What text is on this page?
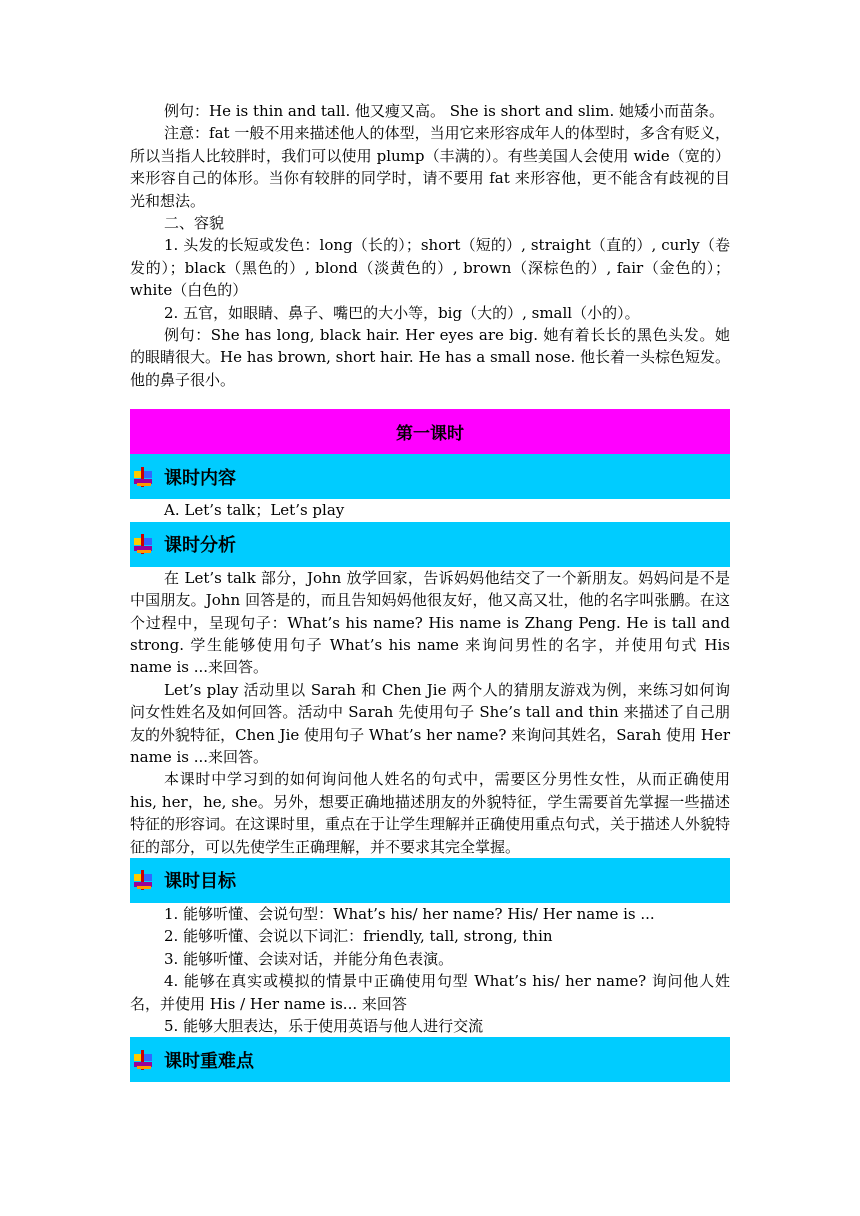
例句：He is thin and tall. 他又瘦又高。 She is short and slim. 她矮小而苗条。

注意：fat 一般不用来描述他人的体型，当用它来形容成年人的体型时，多含有贬义，所以当指人比较胖时，我们可以使用 plump（丰满的）。有些美国人会使用 wide（宽的）来形容自己的体形。当你有较胖的同学时，请不要用 fat 来形容他，更不能含有歧视的目光和想法。

二、容貌

1. 头发的长短或发色：long（长的）；short（短的）, straight（直的）, curly（卷发的）；black（黑色的）, blond（淡黄色的）, brown（深棕色的）, fair（金色的）；white（白色的）

2. 五官，如眼睛、鼻子、嘴巴的大小等，big（大的）, small（小的）。

例句：She has long, black hair. Her eyes are big. 她有着长长的黑色头发。她的眼睛很大。He has brown, short hair. He has a small nose. 他长着一头棕色短发。他的鼻子很小。

第一课时
课时内容

A. Let’s talk；Let’s play

课时分析

在 Let’s talk 部分，John 放学回家，告诉妈妈他结交了一个新朋友。妈妈问是不是中国朋友。John 回答是的，而且告知妈妈他很友好，他又高又壮，他的名字叫张鹏。在这个过程中，呈现句子：What’s his name? His name is Zhang Peng. He is tall and strong. 学生能够使用句子 What’s his name 来询问男性的名字，并使用句式 His name is ...来回答。

Let’s play 活动里以 Sarah 和 Chen Jie 两个人的猜朋友游戏为例，来练习如何询问女性姓名及如何回答。活动中 Sarah 先使用句子 She’s tall and thin 来描述了自己朋友的外貌特征，Chen Jie 使用句子 What’s her name? 来询问其姓名，Sarah 使用 Her name is ...来回答。

本课时中学习到的如何询问他人姓名的句式中，需要区分男性女性，从而正确使用 his, her，he, she。另外，想要正确地描述朋友的外貌特征，学生需要首先掌握一些描述特征的形容词。在这课时里，重点在于让学生理解并正确使用重点句式，关于描述人外貌特征的部分，可以先使学生正确理解，并不要求其完全掌握。

课时目标

1. 能够听懂、会说句型：What’s his/ her name? His/ Her name is ...

2. 能够听懂、会说以下词汇：friendly, tall, strong, thin

3. 能够听懂、会读对话，并能分角色表演。

4. 能够在真实或模拟的情景中正确使用句型 What’s his/ her name? 询问他人姓名，并使用 His / Her name is... 来回答

5. 能够大胆表达，乐于使用英语与他人进行交流

课时重难点
